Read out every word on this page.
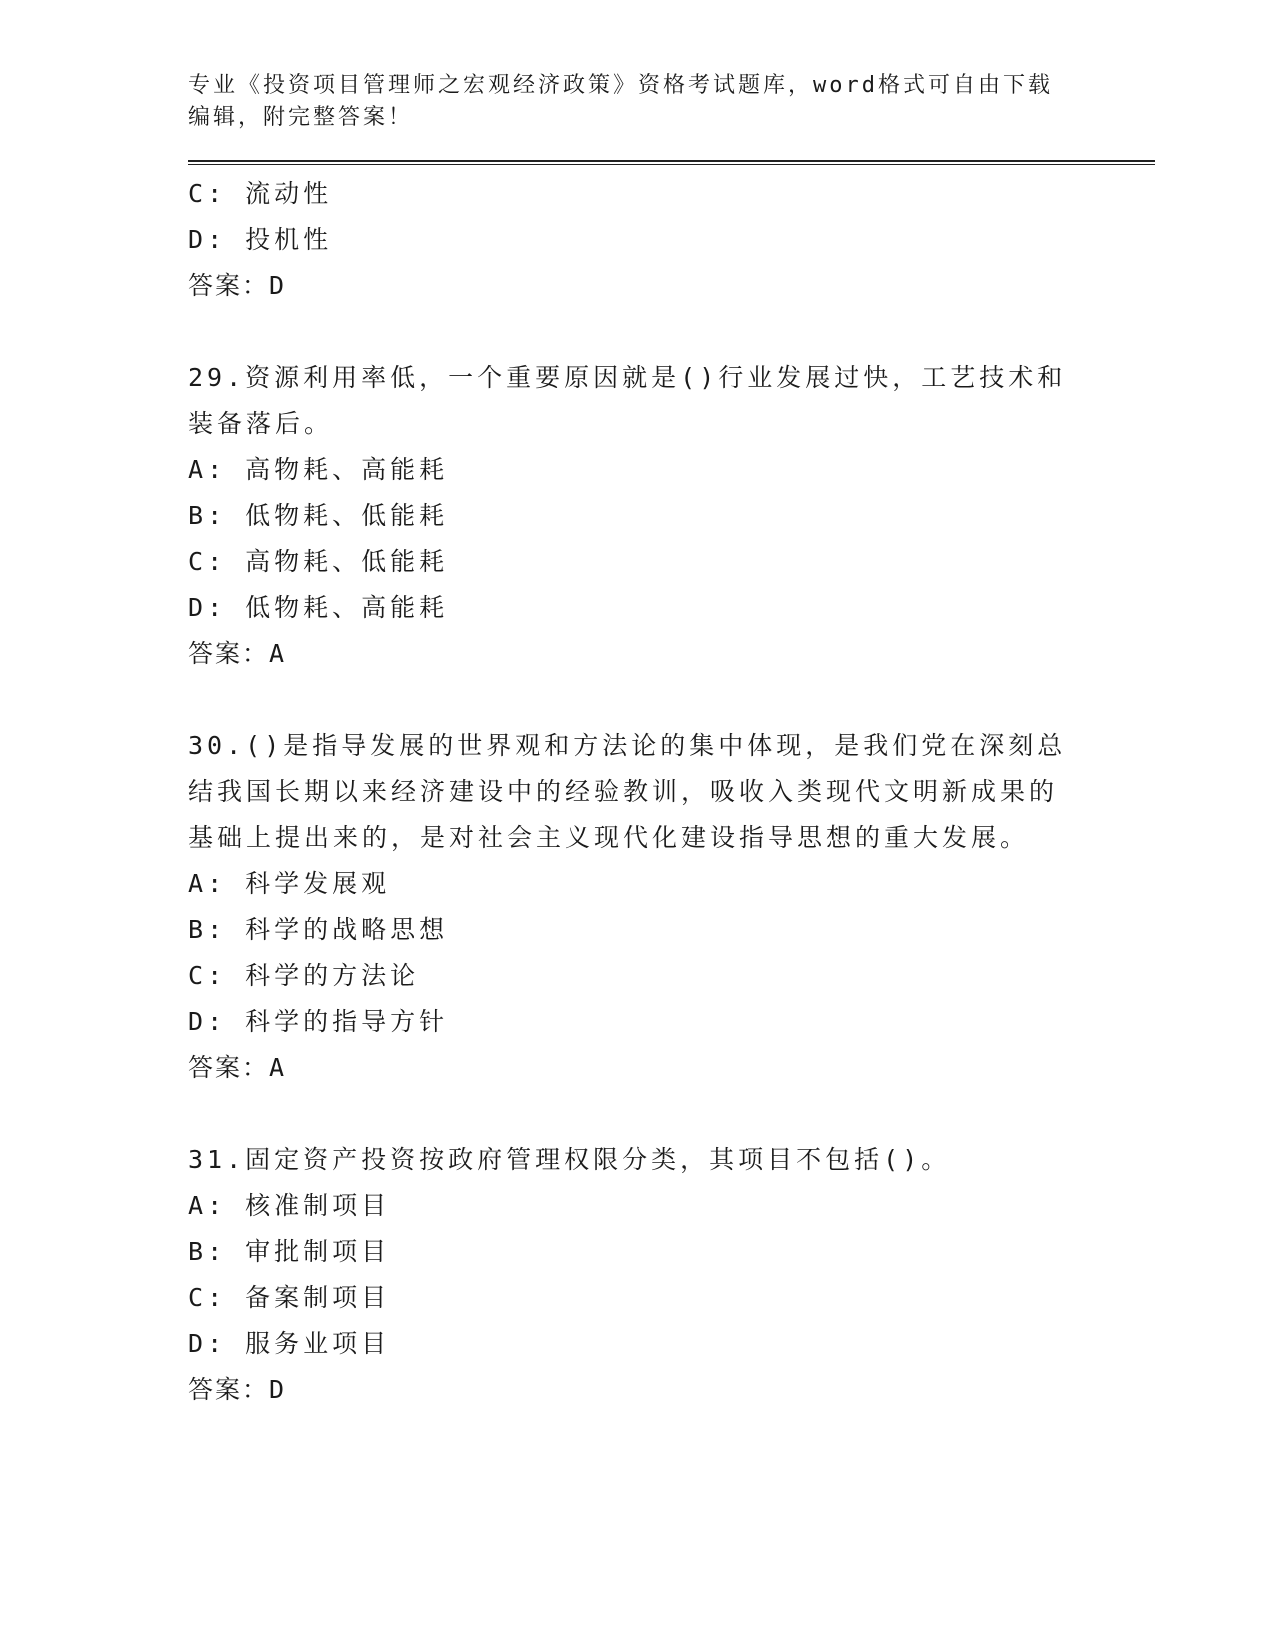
专业《投资项目管理师之宏观经济政策》资格考试题库，word格式可自由下载编辑，附完整答案！
C: 流动性
D: 投机性
答案：D
29.资源利用率低，一个重要原因就是()行业发展过快，工艺技术和装备落后。
A: 高物耗、高能耗
B: 低物耗、低能耗
C: 高物耗、低能耗
D: 低物耗、高能耗
答案：A
30.()是指导发展的世界观和方法论的集中体现，是我们党在深刻总结我国长期以来经济建设中的经验教训，吸收入类现代文明新成果的基础上提出来的，是对社会主义现代化建设指导思想的重大发展。
A: 科学发展观
B: 科学的战略思想
C: 科学的方法论
D: 科学的指导方针
答案：A
31.固定资产投资按政府管理权限分类，其项目不包括()。
A: 核准制项目
B: 审批制项目
C: 备案制项目
D: 服务业项目
答案：D
